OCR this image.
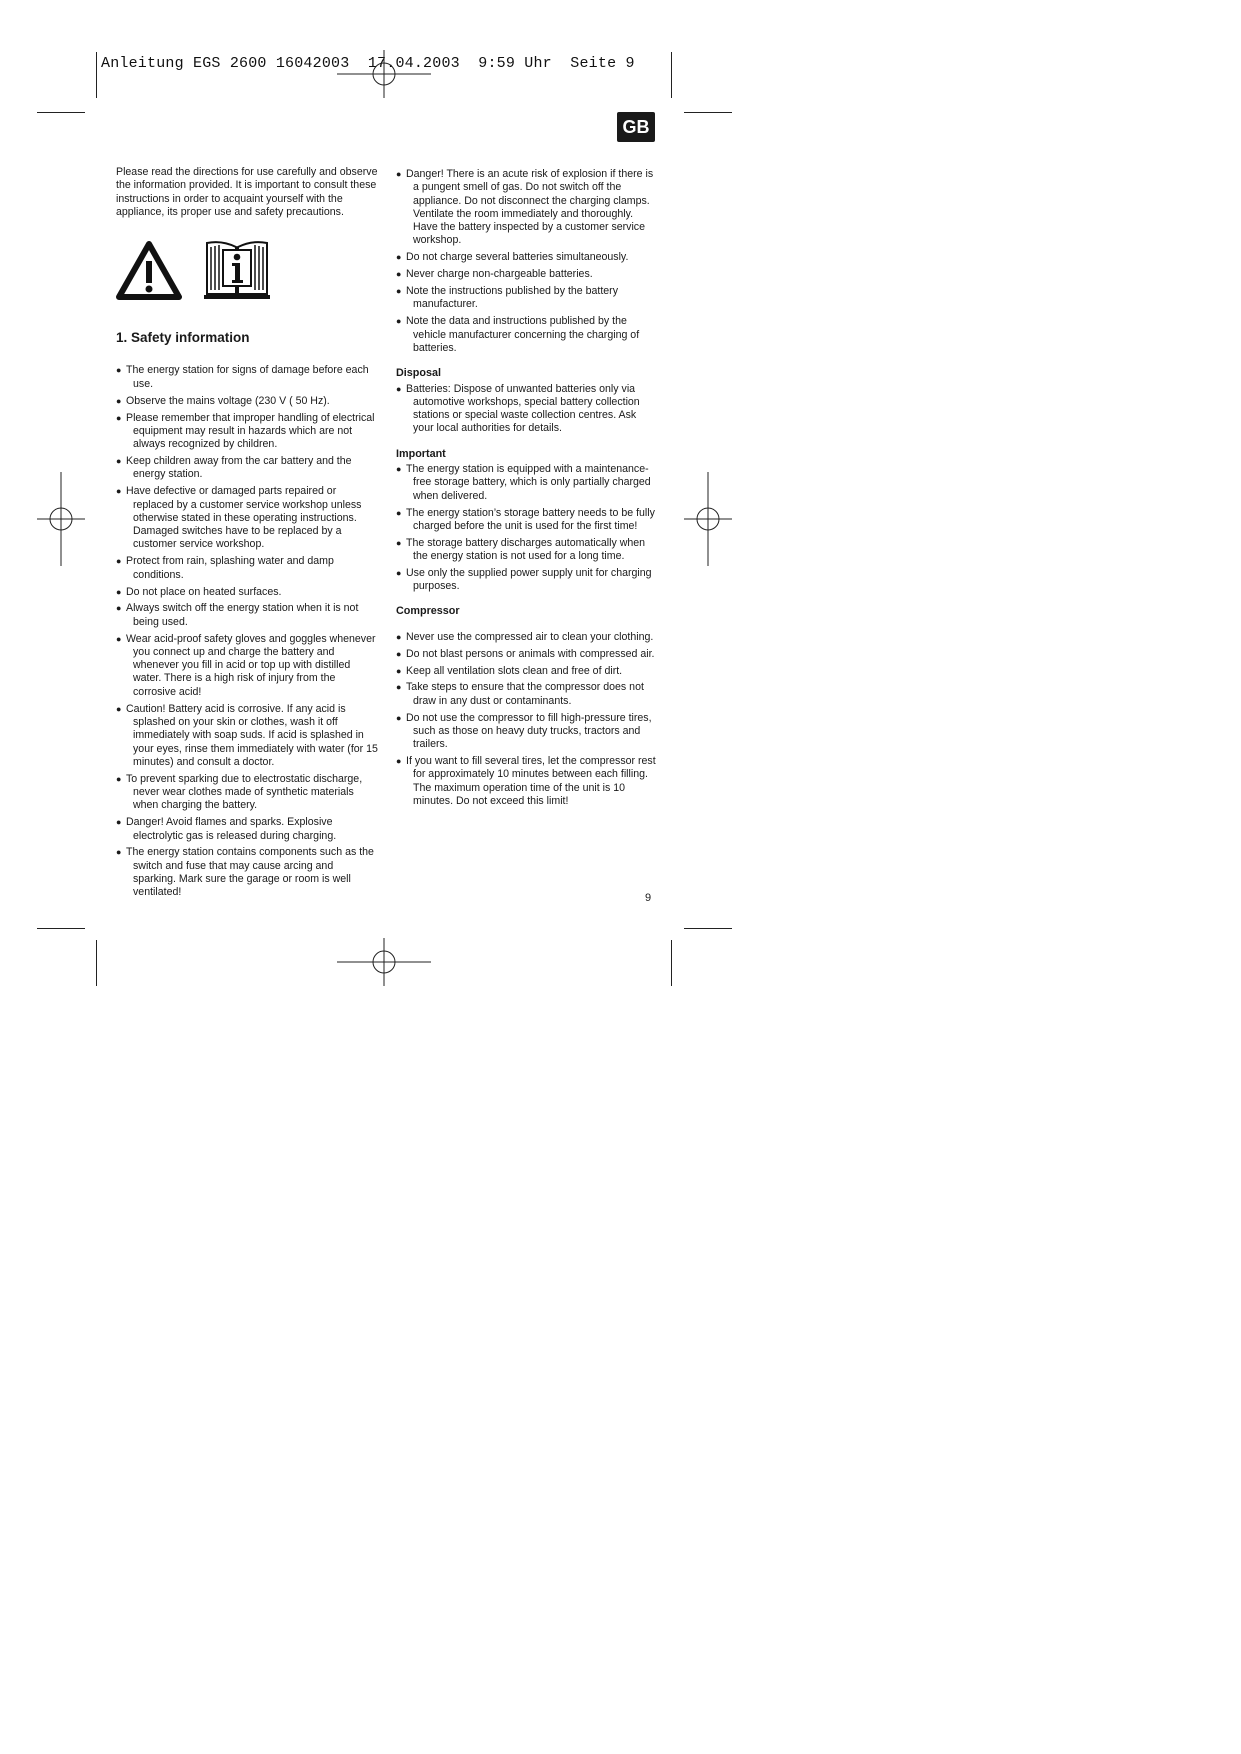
Anleitung EGS 2600 16042003  17.04.2003  9:59 Uhr  Seite 9
GB

Please read the directions for use carefully and observe the information provided. It is important to consult these instructions in order to acquaint yourself with the appliance, its proper use and safety precautions.

1. Safety information
● The energy station for signs of damage before each use.
● Observe the mains voltage (230 V ( 50 Hz).
● Please remember that improper handling of electrical equipment may result in hazards which are not always recognized by children.
● Keep children away from the car battery and the energy station.
● Have defective or damaged parts repaired or replaced by a customer service workshop unless otherwise stated in these operating instructions. Damaged switches have to be replaced by a customer service workshop.
● Protect from rain, splashing water and damp conditions.
● Do not place on heated surfaces.
● Always switch off the energy station when it is not being used.
● Wear acid-proof safety gloves and goggles whenever you connect up and charge the battery and whenever you fill in acid or top up with distilled water. There is a high risk of injury from the corrosive acid!
● Caution! Battery acid is corrosive. If any acid is splashed on your skin or clothes, wash it off immediately with soap suds. If acid is splashed in your eyes, rinse them immediately with water (for 15 minutes) and consult a doctor.
● To prevent sparking due to electrostatic discharge, never wear clothes made of synthetic materials when charging the battery.
● Danger! Avoid flames and sparks. Explosive electrolytic gas is released during charging.
● The energy station contains components such as the switch and fuse that may cause arcing and sparking. Mark sure the garage or room is well ventilated!
● Danger! There is an acute risk of explosion if there is a pungent smell of gas. Do not switch off the appliance. Do not disconnect the charging clamps. Ventilate the room immediately and thoroughly. Have the battery inspected by a customer service workshop.
● Do not charge several batteries simultaneously.
● Never charge non-chargeable batteries.
● Note the instructions published by the battery manufacturer.
● Note the data and instructions published by the vehicle manufacturer concerning the charging of batteries.
Disposal
● Batteries: Dispose of unwanted batteries only via automotive workshops, special battery collection stations or special waste collection centres. Ask your local authorities for details.
Important
● The energy station is equipped with a maintenance-free storage battery, which is only partially charged when delivered.
● The energy station’s storage battery needs to be fully charged before the unit is used for the first time!
● The storage battery discharges automatically when the energy station is not used for a long time.
● Use only the supplied power supply unit for charging purposes.
Compressor
● Never use the compressed air to clean your clothing.
● Do not blast persons or animals with compressed air.
● Keep all ventilation slots clean and free of dirt.
● Take steps to ensure that the compressor does not draw in any dust or contaminants.
● Do not use the compressor to fill high-pressure tires, such as those on heavy duty trucks, tractors and trailers.
● If you want to fill several tires, let the compressor rest for approximately 10 minutes between each filling. The maximum operation time of the unit is 10 minutes. Do not exceed this limit!
9
